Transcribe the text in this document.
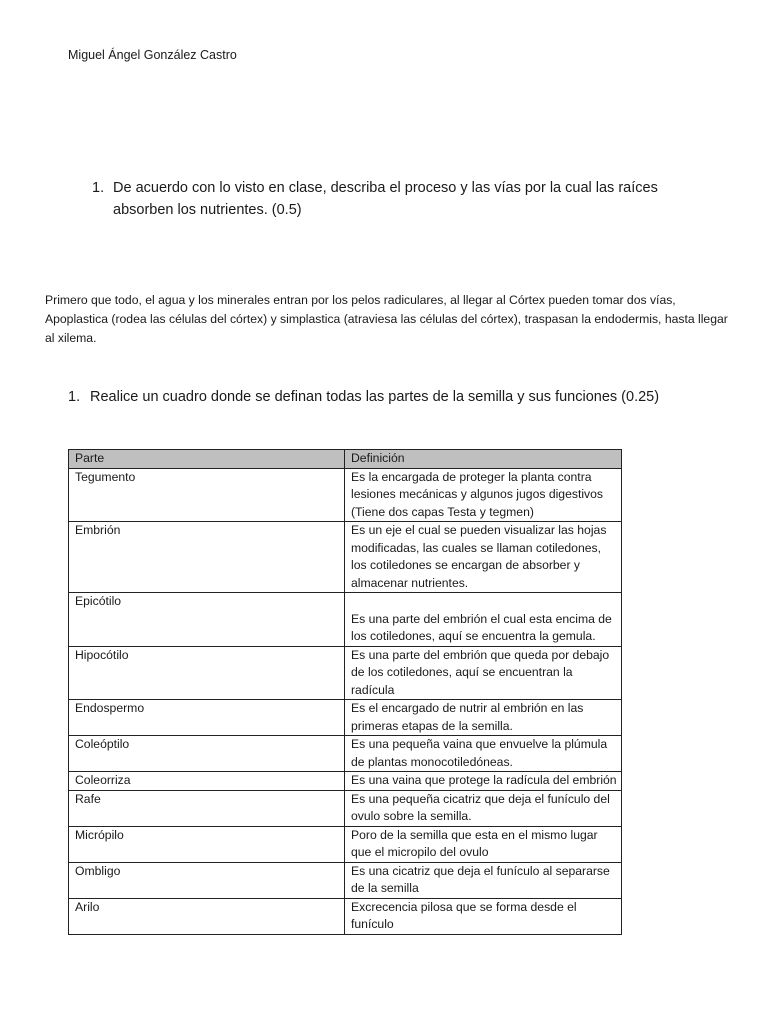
Miguel Ángel González Castro
1. De acuerdo con lo visto en clase, describa el proceso y las vías por la cual las raíces absorben los nutrientes. (0.5)

Primero que todo, el agua y los minerales entran por los pelos radiculares, al llegar al Córtex pueden tomar dos vías, Apoplastica (rodea las células del córtex) y simplastica (atraviesa las células del córtex), traspasan la endodermis, hasta llegar al xilema.

1. Realice un cuadro donde se definan todas las partes de la semilla y sus funciones (0.25)
Parte	Definición
Tegumento	Es la encargada de proteger la planta contra lesiones mecánicas y algunos jugos digestivos (Tiene dos capas Testa y tegmen)
Embrión	Es un eje el cual se pueden visualizar las hojas modificadas, las cuales se llaman cotiledones, los cotiledones se encargan de absorber y almacenar nutrientes.
Epicótilo	Es una parte del embrión el cual esta encima de los cotiledones, aquí se encuentra la gemula.
Hipocótilo	Es una parte del embrión que queda por debajo de los cotiledones, aquí se encuentran la radícula
Endospermo	Es el encargado de nutrir al embrión en las primeras etapas de la semilla.
Coleóptilo	Es una pequeña vaina que envuelve la plúmula de plantas monocotiledóneas.
Coleorriza	Es una vaina que protege la radícula del embrión
Rafe	Es una pequeña cicatriz que deja el funículo del ovulo sobre la semilla.
Micrópilo	Poro de la semilla que esta en el mismo lugar que el micropilo del ovulo
Ombligo	Es una cicatriz que deja el funículo al separarse de la semilla
Arilo	Excrecencia pilosa que se forma desde el funículo
